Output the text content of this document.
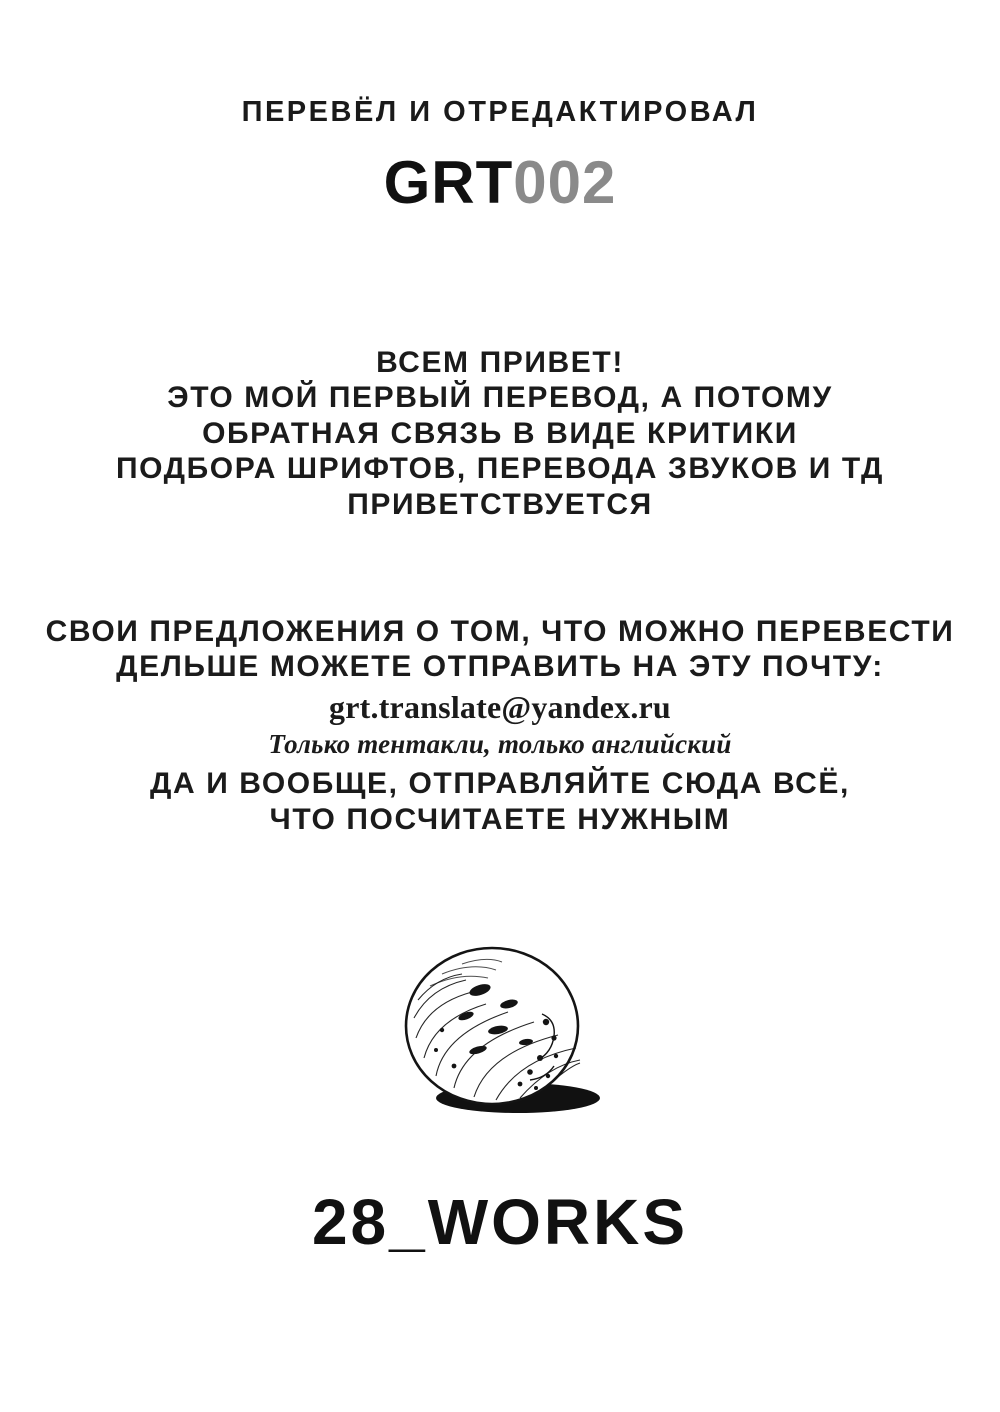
ПЕРЕВЁЛ И ОТРЕДАКТИРОВАЛ
GRT002
ВСЕМ ПРИВЕТ!
ЭТО МОЙ ПЕРВЫЙ ПЕРЕВОД, А ПОТОМУ
ОБРАТНАЯ СВЯЗЬ В ВИДЕ КРИТИКИ
ПОДБОРА ШРИФТОВ, ПЕРЕВОДА ЗВУКОВ И ТД
ПРИВЕТСТВУЕТСЯ
СВОИ ПРЕДЛОЖЕНИЯ О ТОМ, ЧТО МОЖНО ПЕРЕВЕСТИ
ДЕЛЬШЕ МОЖЕТЕ ОТПРАВИТЬ НА ЭТУ ПОЧТУ:
grt.translate@yandex.ru
Только тентакли, только английский
ДА И ВООБЩЕ, ОТПРАВЛЯЙТЕ СЮДА ВСЁ,
ЧТО ПОСЧИТАЕТЕ НУЖНЫМ
28_WORKS
